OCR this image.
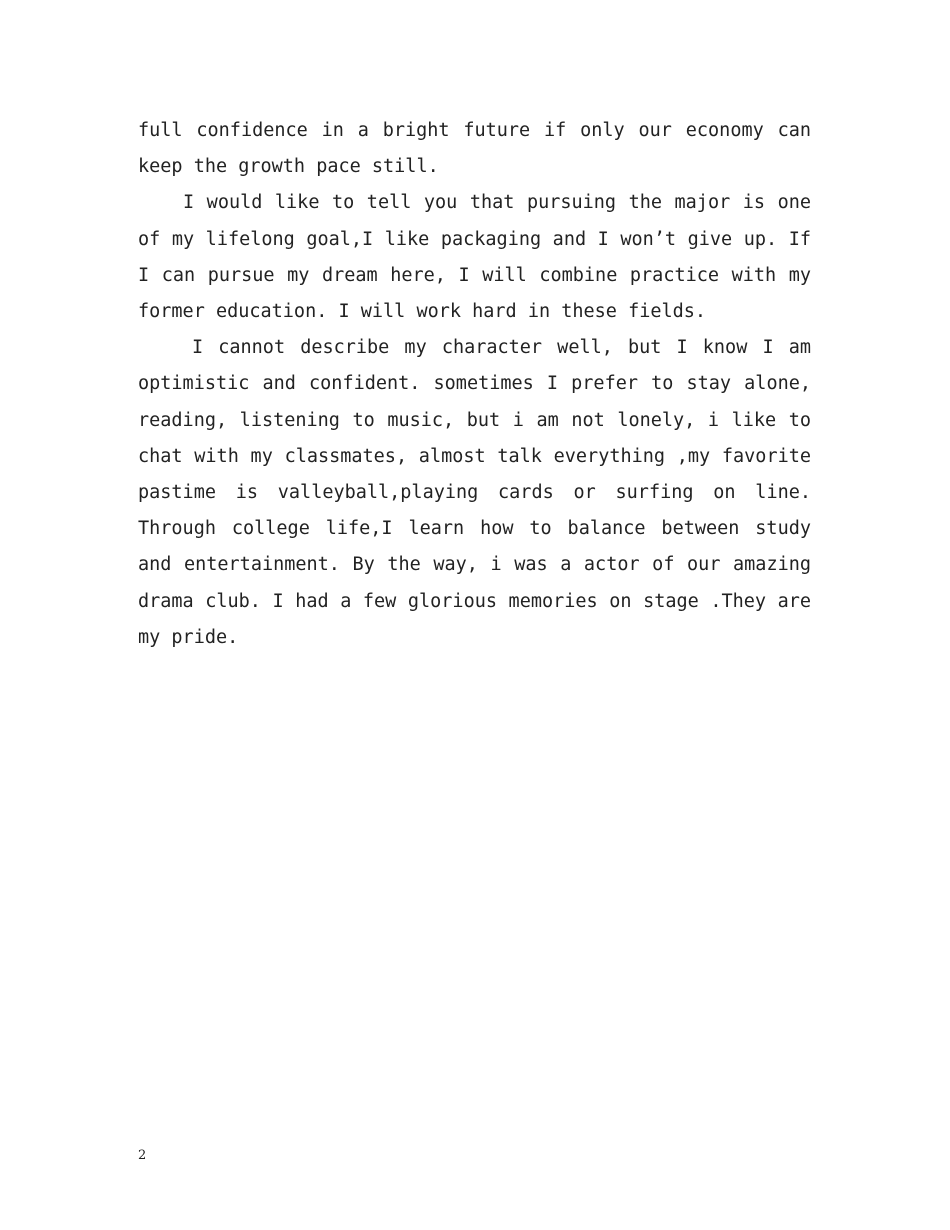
full confidence in a bright future if only our economy can keep the growth pace still.

I would like to tell you that pursuing the major is one of my lifelong goal,I like packaging and I won’t give up. If I can pursue my dream here, I will combine practice with my former education. I will work hard in these fields.

I cannot describe my character well, but I know I am optimistic and confident. sometimes I prefer to stay alone, reading, listening to music, but i am not lonely, i like to chat with my classmates, almost talk everything ,my favorite pastime is valleyball,playing cards or surfing on line. Through college life,I learn how to balance between study and entertainment. By the way, i was a actor of our amazing drama club. I had a few glorious memories on stage .They are my pride.

2
